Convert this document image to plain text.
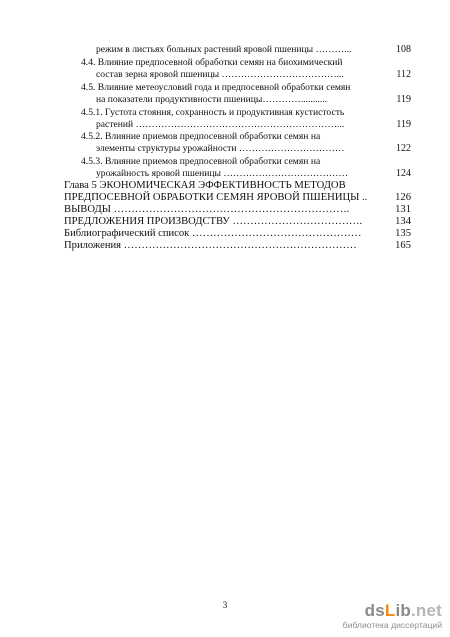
режим в листьях больных растений яровой пшеницы ………...	108
4.4. Влияние предпосевной обработки семян на биохимический
состав зерна яровой пшеницы ………………………………...	112
4.5. Влияние метеоусловий года и предпосевной обработки семян
на показатели продуктивности пшеницы…………...........	119
4.5.1. Густота стояния, сохранность и продуктивная кустистость
растений ………………………………………………………...	119
4.5.2. Влияние приемов предпосевной обработки семян на
элементы структуры урожайности ……………………………	122
4.5.3. Влияние приемов предпосевной обработки семян на
урожайность яровой пшеницы …………………………………	124
Глава 5 ЭКОНОМИЧЕСКАЯ ЭФФЕКТИВНОСТЬ МЕТОДОВ
ПРЕДПОСЕВНОЙ ОБРАБОТКИ СЕМЯН ЯРОВОЙ ПШЕНИЦЫ ..	126
ВЫВОДЫ ………………………………………………………….	131
ПРЕДЛОЖЕНИЯ ПРОИЗВОДСТВУ ……………………………….	134
Библиографический список …………………………………………	135
Приложения …………………………………………………………	165
3	dsLib.net
библиотека диссертаций
